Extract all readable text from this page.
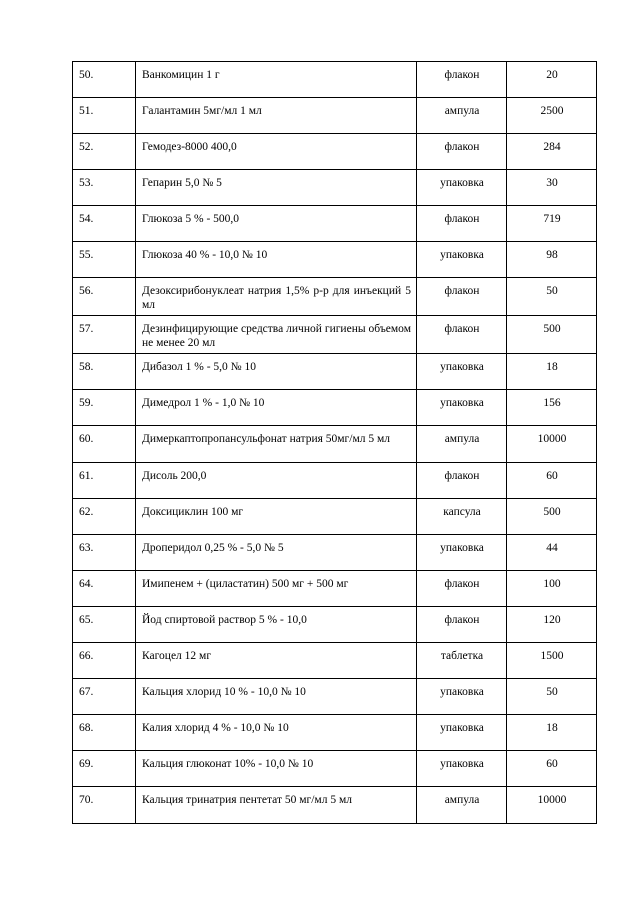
50.	Ванкомицин 1 г	флакон	20
51.	Галантамин 5мг/мл 1 мл	ампула	2500
52.	Гемодез-8000 400,0	флакон	284
53.	Гепарин 5,0 № 5	упаковка	30
54.	Глюкоза 5 % - 500,0	флакон	719
55.	Глюкоза 40 % - 10,0 № 10	упаковка	98
56.	Дезоксирибонуклеат натрия 1,5% р-р для инъекций 5 мл	флакон	50
57.	Дезинфицирующие средства личной гигиены объемом не менее 20 мл	флакон	500
58.	Дибазол 1 % - 5,0 № 10	упаковка	18
59.	Димедрол 1 % - 1,0 № 10	упаковка	156
60.	Димеркаптопропансульфонат натрия 50мг/мл 5 мл	ампула	10000
61.	Дисоль 200,0	флакон	60
62.	Доксициклин 100 мг	капсула	500
63.	Дроперидол 0,25 % - 5,0 № 5	упаковка	44
64.	Имипенем + (циластатин) 500 мг + 500 мг	флакон	100
65.	Йод спиртовой раствор 5 % - 10,0	флакон	120
66.	Кагоцел 12 мг	таблетка	1500
67.	Кальция хлорид 10 % - 10,0 № 10	упаковка	50
68.	Калия хлорид 4 % - 10,0 № 10	упаковка	18
69.	Кальция глюконат 10% - 10,0 № 10	упаковка	60
70.	Кальция тринатрия пентетат 50 мг/мл 5 мл	ампула	10000
